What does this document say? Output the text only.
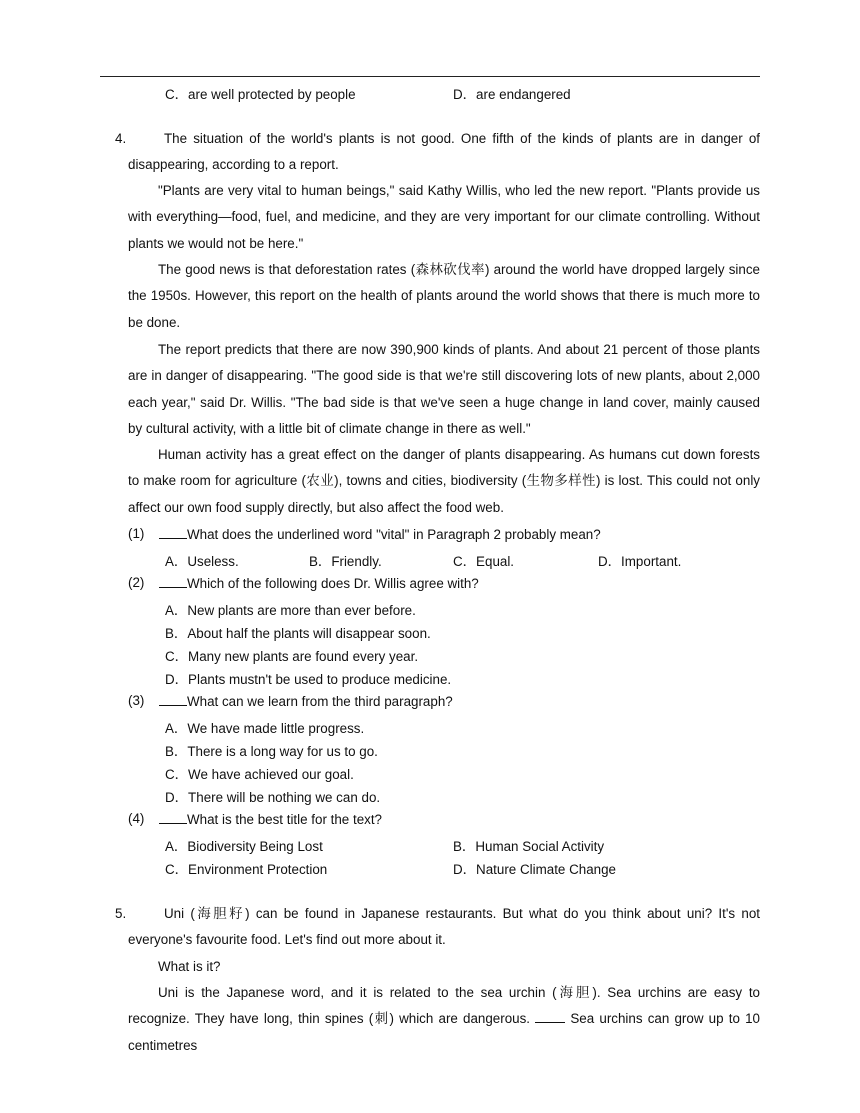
C．are well protected by people	D．are endangered
4.	The situation of the world's plants is not good. One fifth of the kinds of plants are in danger of disappearing, according to a report.
"Plants are very vital to human beings," said Kathy Willis, who led the new report. "Plants provide us with everything—food, fuel, and medicine, and they are very important for our climate controlling. Without plants we would not be here."
The good news is that deforestation rates (森林砍伐率) around the world have dropped largely since the 1950s. However, this report on the health of plants around the world shows that there is much more to be done.
The report predicts that there are now 390,900 kinds of plants. And about 21 percent of those plants are in danger of disappearing. "The good side is that we're still discovering lots of new plants, about 2,000 each year," said Dr. Willis. "The bad side is that we've seen a huge change in land cover, mainly caused by cultural activity, with a little bit of climate change in there as well."
Human activity has a great effect on the danger of plants disappearing. As humans cut down forests to make room for agriculture (农业), towns and cities, biodiversity (生物多样性) is lost. This could not only affect our own food supply directly, but also affect the food web.
(1)	What does the underlined word "vital" in Paragraph 2 probably mean?
A．Useless.	B．Friendly.	C．Equal.	D．Important.
(2)	Which of the following does Dr. Willis agree with?
A．New plants are more than ever before.
B．About half the plants will disappear soon.
C．Many new plants are found every year.
D．Plants mustn't be used to produce medicine.
(3)	What can we learn from the third paragraph?
A．We have made little progress.
B．There is a long way for us to go.
C．We have achieved our goal.
D．There will be nothing we can do.
(4)	What is the best title for the text?
A．Biodiversity Being Lost	B．Human Social Activity
C．Environment Protection	D．Nature Climate Change
5.	Uni (海胆籽) can be found in Japanese restaurants. But what do you think about uni? It's not everyone's favourite food. Let's find out more about it.
What is it?
Uni is the Japanese word, and it is related to the sea urchin (海胆). Sea urchins are easy to recognize. They have long, thin spines (刺) which are dangerous.	Sea urchins can grow up to 10 centimetres
